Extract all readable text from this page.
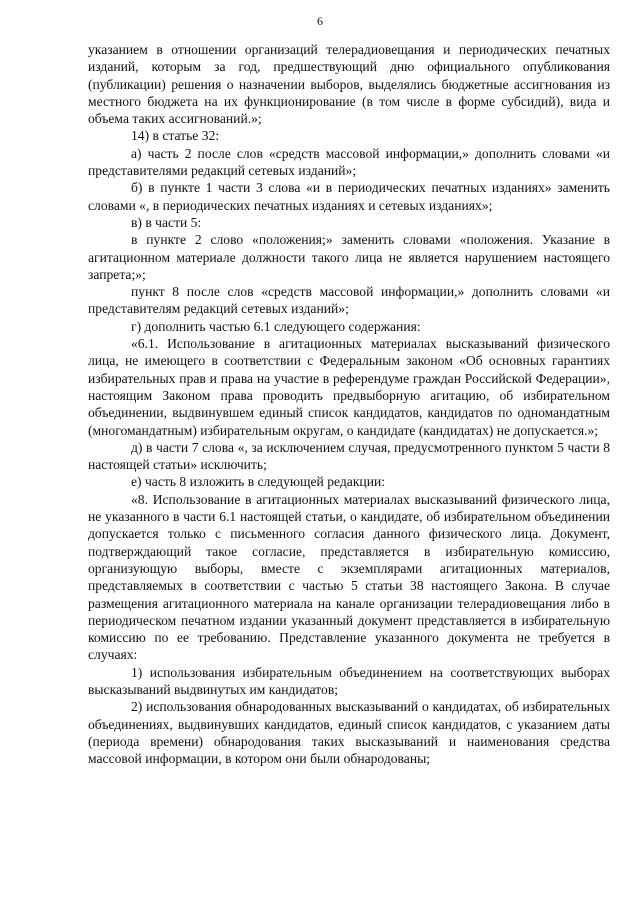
6

указанием в отношении организаций телерадиовещания и периодических печатных изданий, которым за год, предшествующий дню официального опубликования (публикации) решения о назначении выборов, выделялись бюджетные ассигнования из местного бюджета на их функционирование (в том числе в форме субсидий), вида и объема таких ассигнований.»;

14) в статье 32:

а) часть 2 после слов «средств массовой информации,» дополнить словами «и представителями редакций сетевых изданий»;

б) в пункте 1 части 3 слова «и в периодических печатных изданиях» заменить словами «, в периодических печатных изданиях и сетевых изданиях»;

в) в части 5:

в пункте 2 слово «положения;» заменить словами «положения. Указание в агитационном материале должности такого лица не является нарушением настоящего запрета;»;

пункт 8 после слов «средств массовой информации,» дополнить словами «и представителям редакций сетевых изданий»;

г) дополнить частью 6.1 следующего содержания:

«6.1. Использование в агитационных материалах высказываний физического лица, не имеющего в соответствии с Федеральным законом «Об основных гарантиях избирательных прав и права на участие в референдуме граждан Российской Федерации», настоящим Законом права проводить предвыборную агитацию, об избирательном объединении, выдвинувшем единый список кандидатов, кандидатов по одномандатным (многомандатным) избирательным округам, о кандидате (кандидатах) не допускается.»;

д) в части 7 слова «, за исключением случая, предусмотренного пунктом 5 части 8 настоящей статьи» исключить;

е) часть 8 изложить в следующей редакции:

«8. Использование в агитационных материалах высказываний физического лица, не указанного в части 6.1 настоящей статьи, о кандидате, об избирательном объединении допускается только с письменного согласия данного физического лица. Документ, подтверждающий такое согласие, представляется в избирательную комиссию, организующую выборы, вместе с экземплярами агитационных материалов, представляемых в соответствии с частью 5 статьи 38 настоящего Закона. В случае размещения агитационного материала на канале организации телерадиовещания либо в периодическом печатном издании указанный документ представляется в избирательную комиссию по ее требованию. Представление указанного документа не требуется в случаях:

1) использования избирательным объединением на соответствующих выборах высказываний выдвинутых им кандидатов;

2) использования обнародованных высказываний о кандидатах, об избирательных объединениях, выдвинувших кандидатов, единый список кандидатов, с указанием даты (периода времени) обнародования таких высказываний и наименования средства массовой информации, в котором они были обнародованы;
